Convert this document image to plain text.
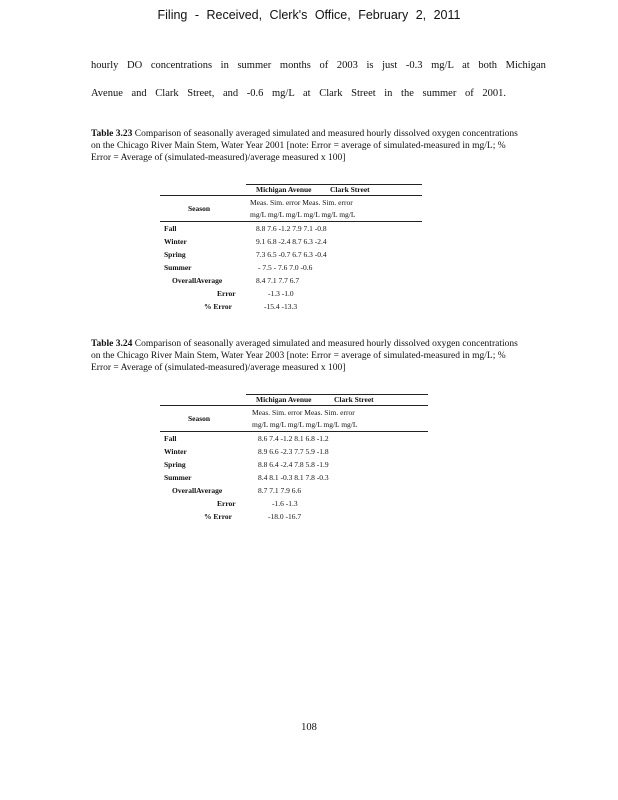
Filing - Received, Clerk's Office, February 2, 2011
hourly DO concentrations in summer months of 2003 is just -0.3 mg/L at both Michigan
Avenue and Clark Street, and -0.6 mg/L at Clark Street in the summer of 2001.
Table 3.23 Comparison of seasonally averaged simulated and measured hourly dissolved oxygen concentrations on the Chicago River Main Stem, Water Year 2001 [note: Error = average of simulated-measured in mg/L; % Error = Average of (simulated-measured)/average measured x 100]
Michigan Avenue Clark Street
Season
Meas. Sim. error Meas. Sim. error
mg/L mg/L mg/L mg/L mg/L mg/L
Fall	8.8 7.6 -1.2 7.9 7.1 -0.8
Winter	9.1 6.8 -2.4 8.7 6.3 -2.4
Spring	7.3 6.5 -0.7 6.7 6.3 -0.4
Summer	- 7.5 - 7.6 7.0 -0.6
OverallAverage	8.4 7.1 7.7 6.7
Error	-1.3 -1.0
% Error	-15.4 -13.3
Table 3.24 Comparison of seasonally averaged simulated and measured hourly dissolved oxygen concentrations on the Chicago River Main Stem, Water Year 2003 [note: Error = average of simulated-measured in mg/L; % Error = Average of (simulated-measured)/average measured x 100]
Michigan Avenue	Clark Street
Season
Meas. Sim. error Meas. Sim. error
mg/L mg/L mg/L mg/L mg/L mg/L
Fall	8.6 7.4 -1.2 8.1 6.8 -1.2
Winter	8.9 6.6 -2.3 7.7 5.9 -1.8
Spring	8.8 6.4 -2.4 7.8 5.8 -1.9
Summer	8.4 8.1 -0.3 8.1 7.8 -0.3
OverallAverage	8.7 7.1 7.9 6.6
Error	-1.6 -1.3
% Error	-18.0 -16.7
108
